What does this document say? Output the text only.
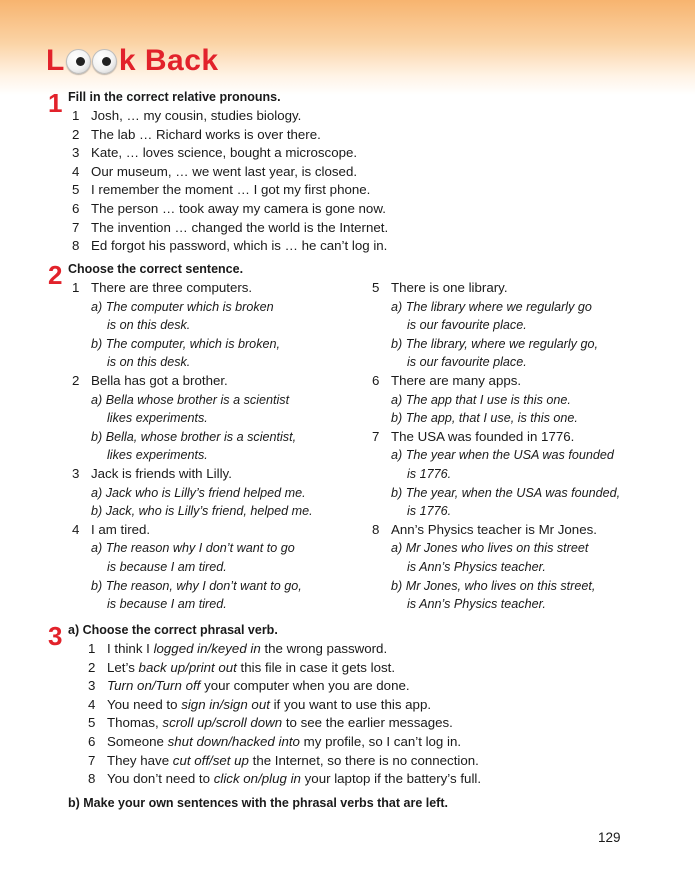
L k Back
1 Fill in the correct relative pronouns.
1 Josh, … my cousin, studies biology.
2 The lab … Richard works is over there.
3 Kate, … loves science, bought a microscope.
4 Our museum, … we went last year, is closed.
5 I remember the moment … I got my first phone.
6 The person … took away my camera is gone now.
7 The invention … changed the world is the Internet.
8 Ed forgot his password, which is … he can’t log in.
2 Choose the correct sentence.
1 There are three computers.
a) The computer which is broken
is on this desk.
b) The computer, which is broken,
is on this desk.
2 Bella has got a brother.
a) Bella whose brother is a scientist
likes experiments.
b) Bella, whose brother is a scientist,
likes experiments.
3 Jack is friends with Lilly.
a) Jack who is Lilly’s friend helped me.
b) Jack, who is Lilly’s friend, helped me.
4 I am tired.
a) The reason why I don’t want to go
is because I am tired.
b) The reason, why I don’t want to go,
is because I am tired.
5 There is one library.
a) The library where we regularly go
is our favourite place.
b) The library, where we regularly go,
is our favourite place.
6 There are many apps.
a) The app that I use is this one.
b) The app, that I use, is this one.
7 The USA was founded in 1776.
a) The year when the USA was founded
is 1776.
b) The year, when the USA was founded,
is 1776.
8 Ann’s Physics teacher is Mr Jones.
a) Mr Jones who lives on this street
is Ann’s Physics teacher.
b) Mr Jones, who lives on this street,
is Ann’s Physics teacher.
3 a) Choose the correct phrasal verb.
1 I think I logged in/keyed in the wrong password.
2 Let’s back up/print out this file in case it gets lost.
3 Turn on/Turn off your computer when you are done.
4 You need to sign in/sign out if you want to use this app.
5 Thomas, scroll up/scroll down to see the earlier messages.
6 Someone shut down/hacked into my profile, so I can’t log in.
7 They have cut off/set up the Internet, so there is no connection.
8 You don’t need to click on/plug in your laptop if the battery’s full.
b) Make your own sentences with the phrasal verbs that are left.
129
